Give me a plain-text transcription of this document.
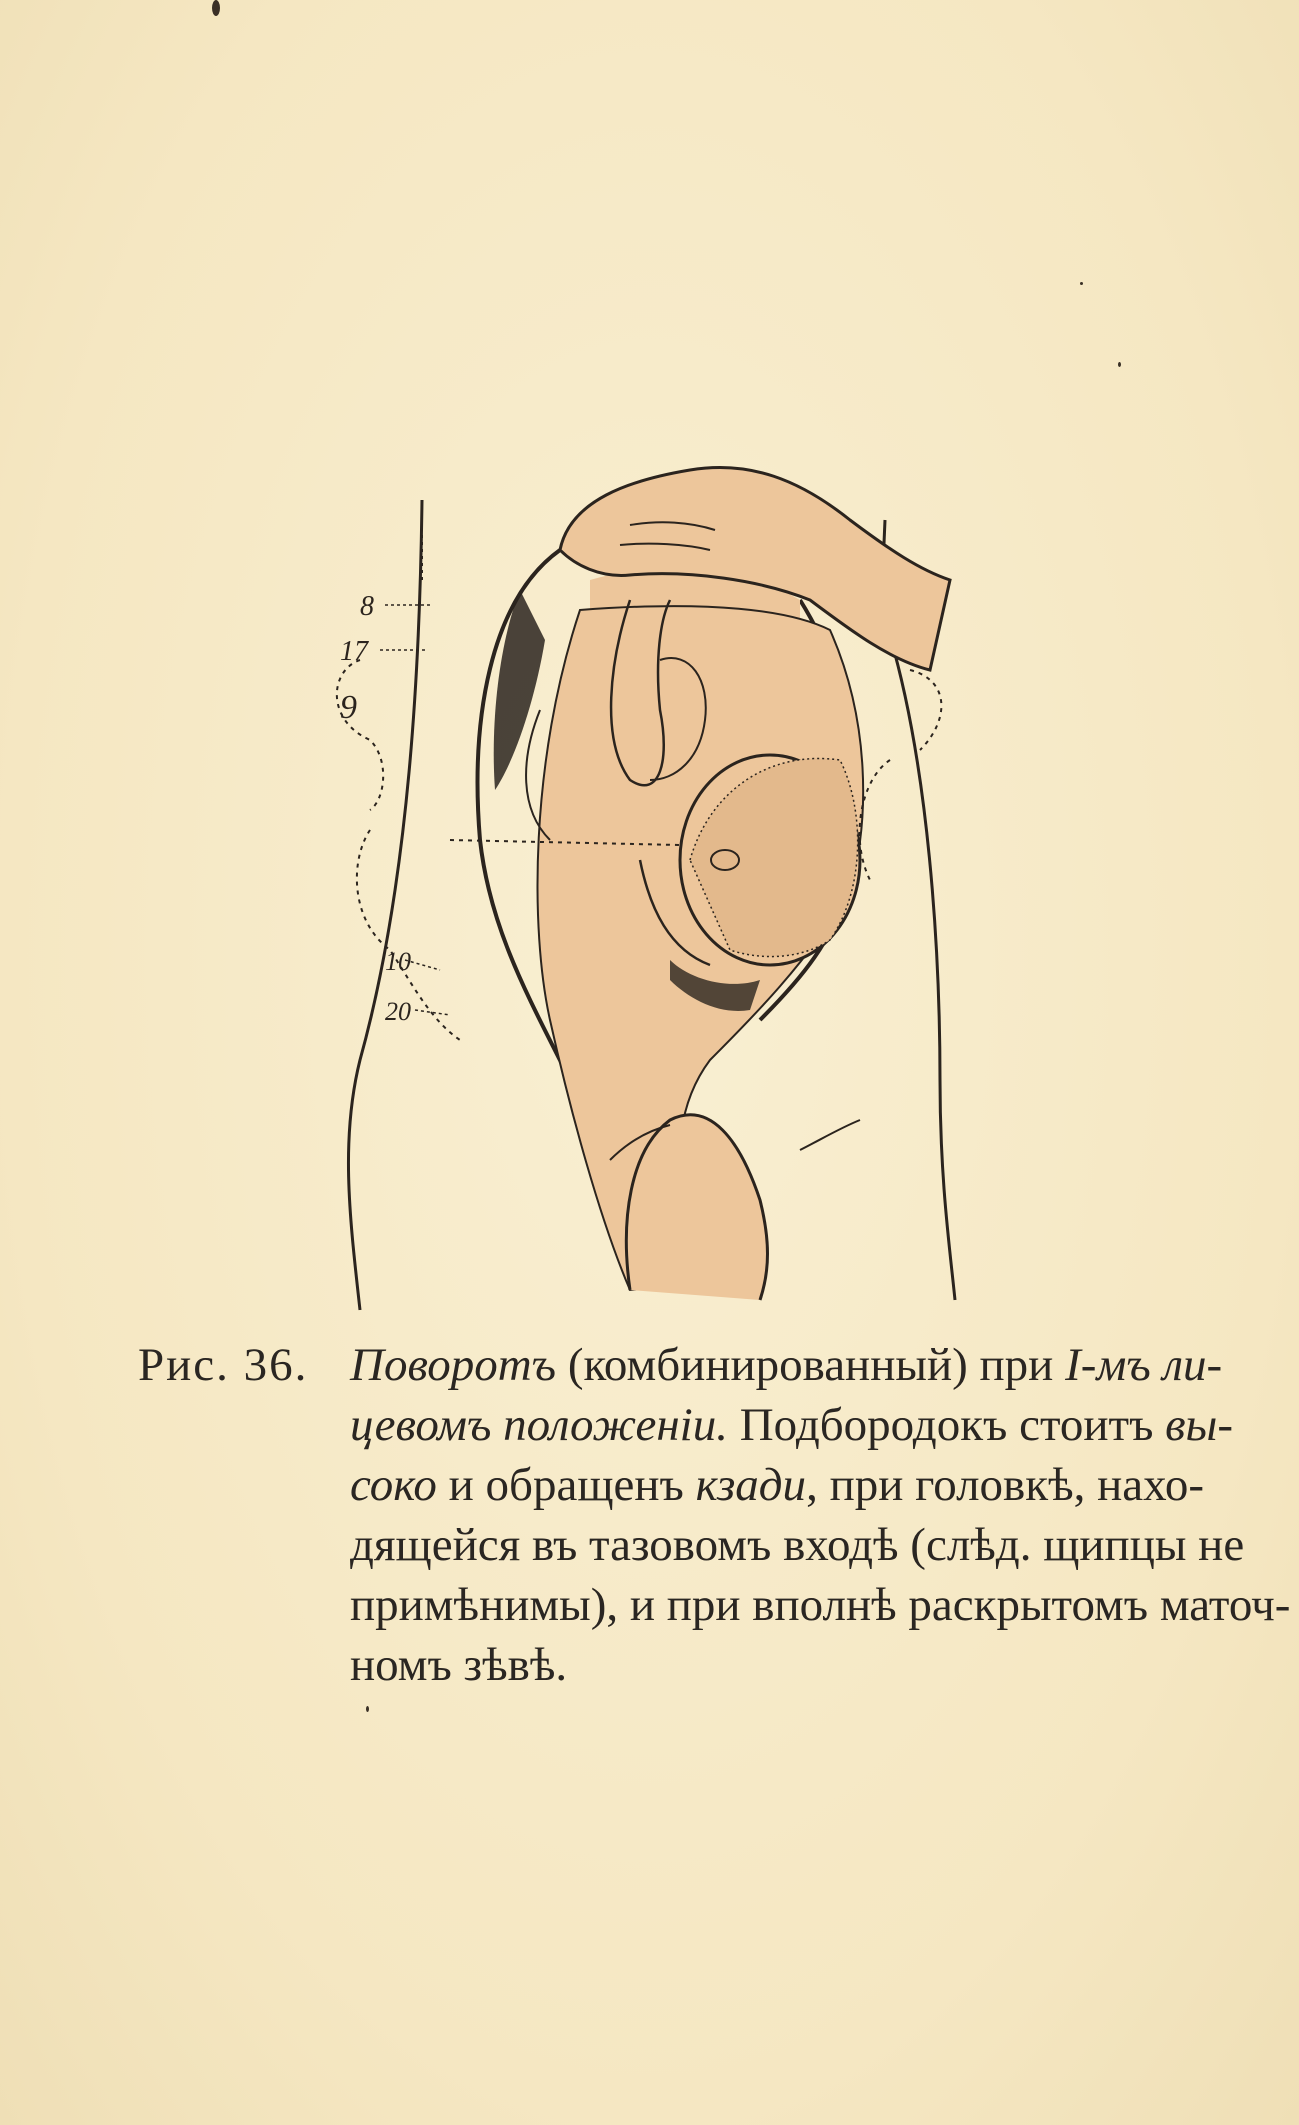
8
17
9
10
20
Рис. 36. Поворотъ (комбинированный) при I-мъ ли-
цевомъ положеніи. Подбородокъ стоитъ вы-
соко и обращенъ кзади, при головкѣ, нахо-
дящейся въ тазовомъ входѣ (слѣд. щипцы не
примѣнимы), и при вполнѣ раскрытомъ маточ-
номъ зѣвѣ.
